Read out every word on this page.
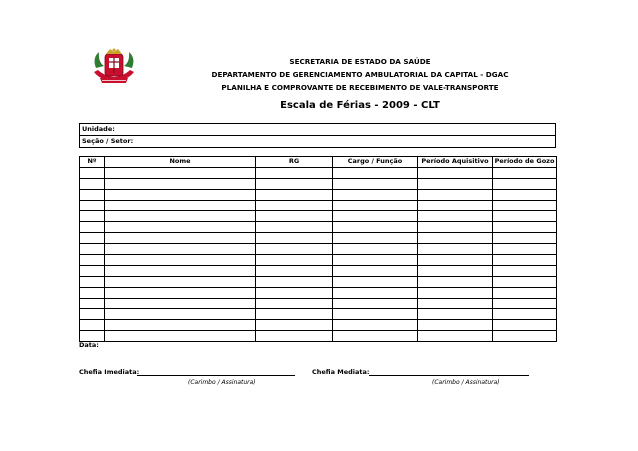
SECRETARIA DE ESTADO DA SAÚDE
DEPARTAMENTO DE GERENCIAMENTO AMBULATORIAL DA CAPITAL - DGAC
PLANILHA E COMPROVANTE DE RECEBIMENTO DE VALE-TRANSPORTE
Escala de Férias - 2009 - CLT
Unidade:
Seção / Setor:
Nº	Nome	RG	Cargo / Função	Período Aquisitivo	Período de Gozo

Data:
Chefia Imediata:
(Carimbo / Assinatura)
Chefia Mediata:
(Carimbo / Assinatura)
